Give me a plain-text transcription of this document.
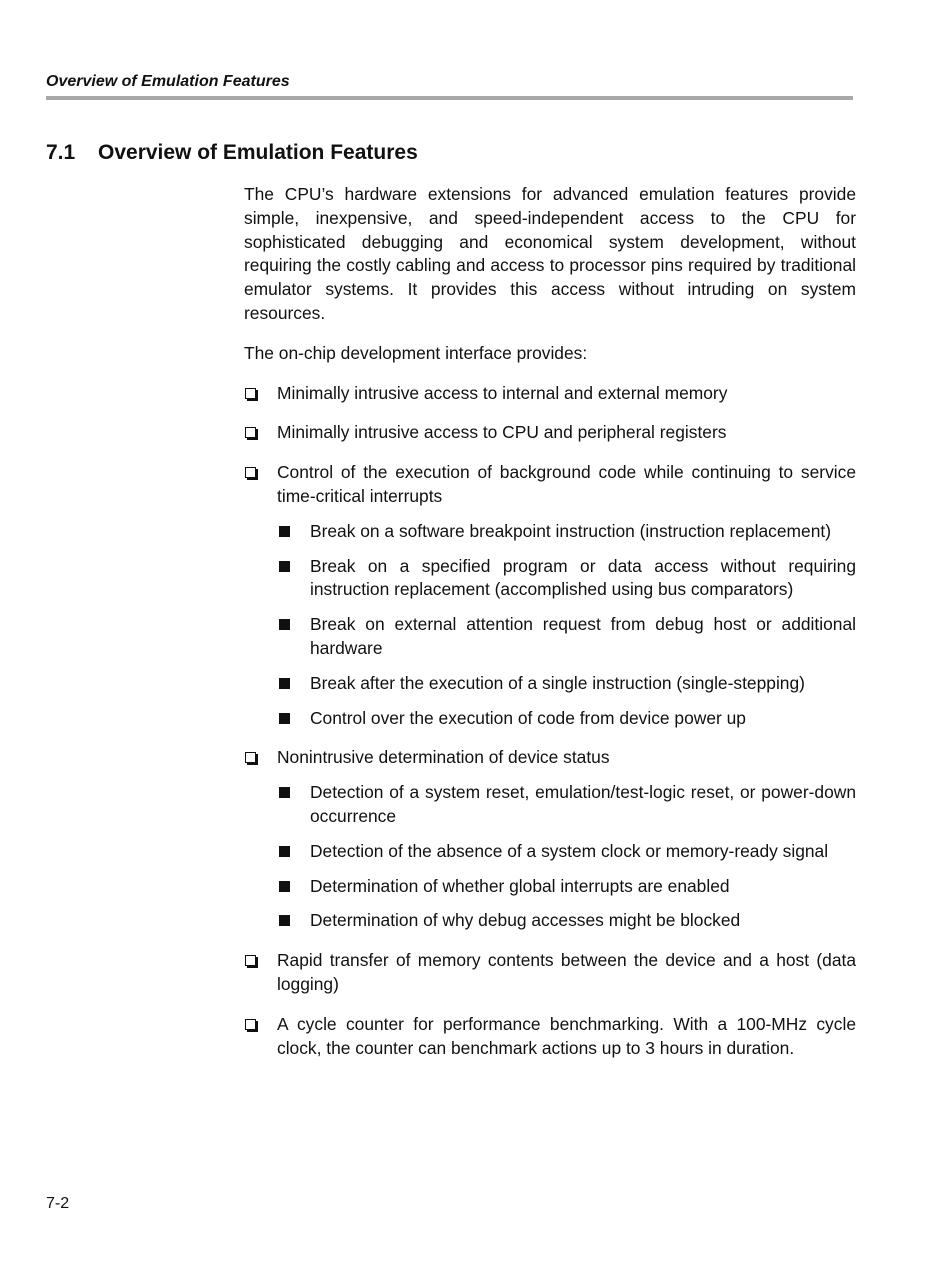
Overview of Emulation Features
7.1 Overview of Emulation Features

The CPU’s hardware extensions for advanced emulation features provide simple, inexpensive, and speed-independent access to the CPU for sophisticated debugging and economical system development, without requiring the costly cabling and access to processor pins required by traditional emulator systems. It provides this access without intruding on system resources.

The on-chip development interface provides:

Minimally intrusive access to internal and external memory
Minimally intrusive access to CPU and peripheral registers
Control of the execution of background code while continuing to service time-critical interrupts
Break on a software breakpoint instruction (instruction replacement)
Break on a specified program or data access without requiring instruction replacement (accomplished using bus comparators)
Break on external attention request from debug host or additional hardware
Break after the execution of a single instruction (single-stepping)
Control over the execution of code from device power up
Nonintrusive determination of device status
Detection of a system reset, emulation/test-logic reset, or power-down occurrence
Detection of the absence of a system clock or memory-ready signal
Determination of whether global interrupts are enabled
Determination of why debug accesses might be blocked
Rapid transfer of memory contents between the device and a host (data logging)
A cycle counter for performance benchmarking. With a 100-MHz cycle clock, the counter can benchmark actions up to 3 hours in duration.
7-2
